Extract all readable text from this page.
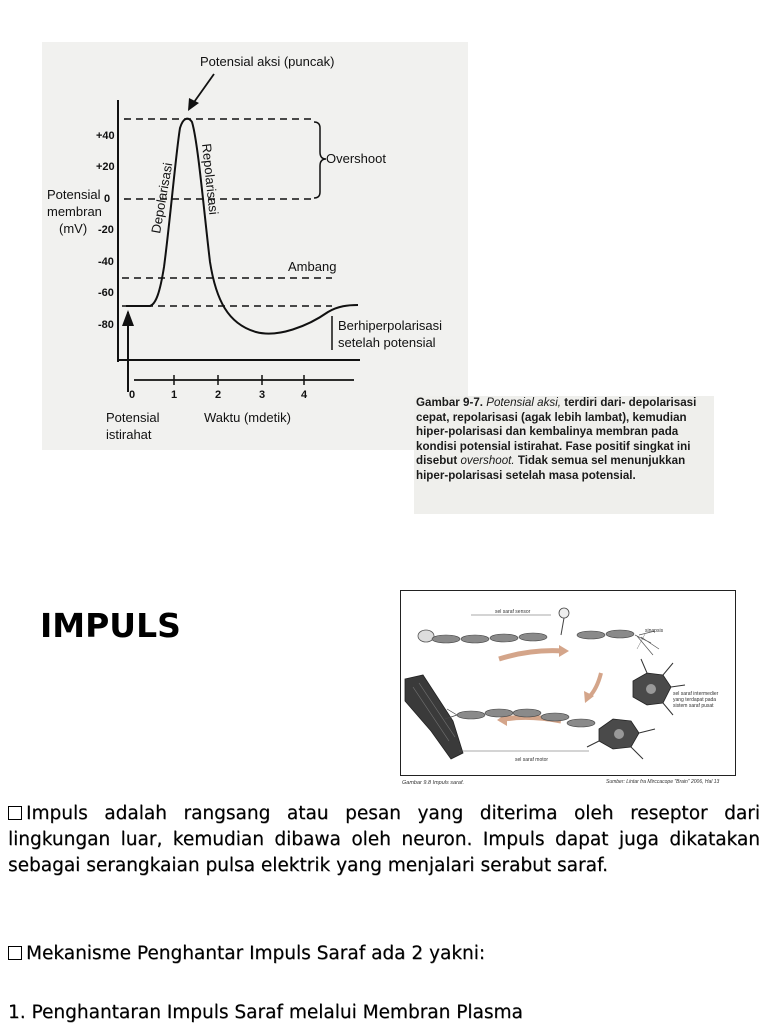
Potensial aksi (puncak)
Overshoot
Ambang
Berhiperpolarisasi
setelah potensial
Depolarisasi Repolarisasi
Potensial
membran
(mV)
+40
+20
0
-20
-40
-60
-80
0	1	2	3	4
Waktu (mdetik)
Potensial
istirahat
Gambar 9-7. Potensial aksi, terdiri dari- depolarisasi cepat, repolarisasi (agak lebih lambat), kemudian hiper-polarisasi dan kembalinya membran pada kondisi potensial istirahat. Fase positif singkat ini disebut overshoot. Tidak semua sel menunjukkan hiper-polarisasi setelah masa potensial.
IMPULS	sel saraf sensor
sinapsis
sel saraf intermedier
yang terdapat pada
sistem saraf pusat
sel saraf motor
Gambar 9.8 Impuls saraf.	Sumber: Lintar fra Mirccacope "Brain" 2006, Hal 13
Impuls adalah rangsang atau pesan yang diterima oleh reseptor dari lingkungan luar, kemudian dibawa oleh neuron. Impuls dapat juga dikatakan sebagai serangkaian pulsa elektrik yang menjalari serabut saraf.
Mekanisme Penghantar Impuls Saraf ada 2 yakni:
1. Penghantaran Impuls Saraf melalui Membran Plasma
